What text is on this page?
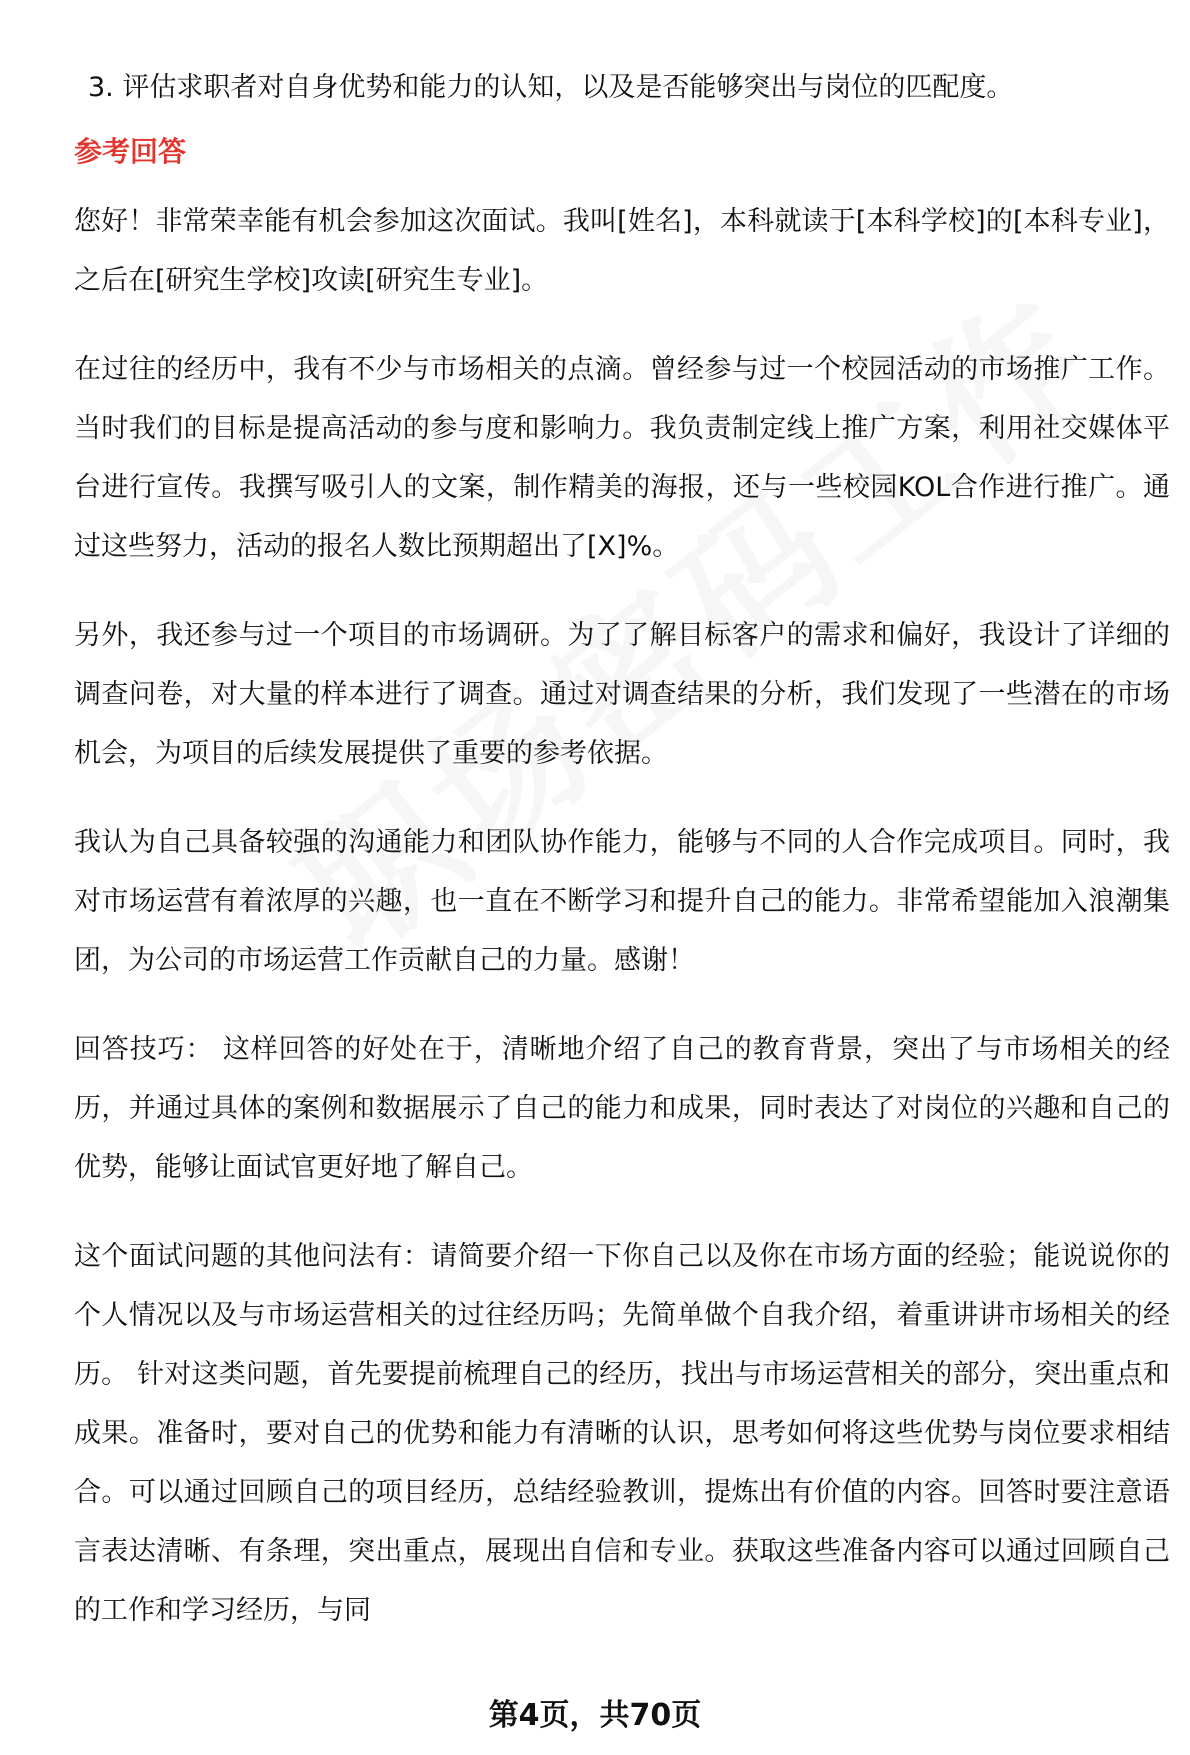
3. 评估求职者对自身优势和能力的认知，以及是否能够突出与岗位的匹配度。
参考回答

您好！非常荣幸能有机会参加这次面试。我叫[姓名]，本科就读于[本科学校]的[本科专业]，之后在[研究生学校]攻读[研究生专业]。

在过往的经历中，我有不少与市场相关的点滴。曾经参与过一个校园活动的市场推广工作。当时我们的目标是提高活动的参与度和影响力。我负责制定线上推广方案，利用社交媒体平台进行宣传。我撰写吸引人的文案，制作精美的海报，还与一些校园KOL合作进行推广。通过这些努力，活动的报名人数比预期超出了[X]%。

另外，我还参与过一个项目的市场调研。为了了解目标客户的需求和偏好，我设计了详细的调查问卷，对大量的样本进行了调查。通过对调查结果的分析，我们发现了一些潜在的市场机会，为项目的后续发展提供了重要的参考依据。

我认为自己具备较强的沟通能力和团队协作能力，能够与不同的人合作完成项目。同时，我对市场运营有着浓厚的兴趣，也一直在不断学习和提升自己的能力。非常希望能加入浪潮集团，为公司的市场运营工作贡献自己的力量。感谢！

回答技巧： 这样回答的好处在于，清晰地介绍了自己的教育背景，突出了与市场相关的经历，并通过具体的案例和数据展示了自己的能力和成果，同时表达了对岗位的兴趣和自己的优势，能够让面试官更好地了解自己。

这个面试问题的其他问法有：请简要介绍一下你自己以及你在市场方面的经验；能说说你的个人情况以及与市场运营相关的过往经历吗；先简单做个自我介绍，着重讲讲市场相关的经历。 针对这类问题，首先要提前梳理自己的经历，找出与市场运营相关的部分，突出重点和成果。准备时，要对自己的优势和能力有清晰的认识，思考如何将这些优势与岗位要求相结合。可以通过回顾自己的项目经历，总结经验教训，提炼出有价值的内容。回答时要注意语言表达清晰、有条理，突出重点，展现出自信和专业。获取这些准备内容可以通过回顾自己的工作和学习经历，与同

第4页，共70页
